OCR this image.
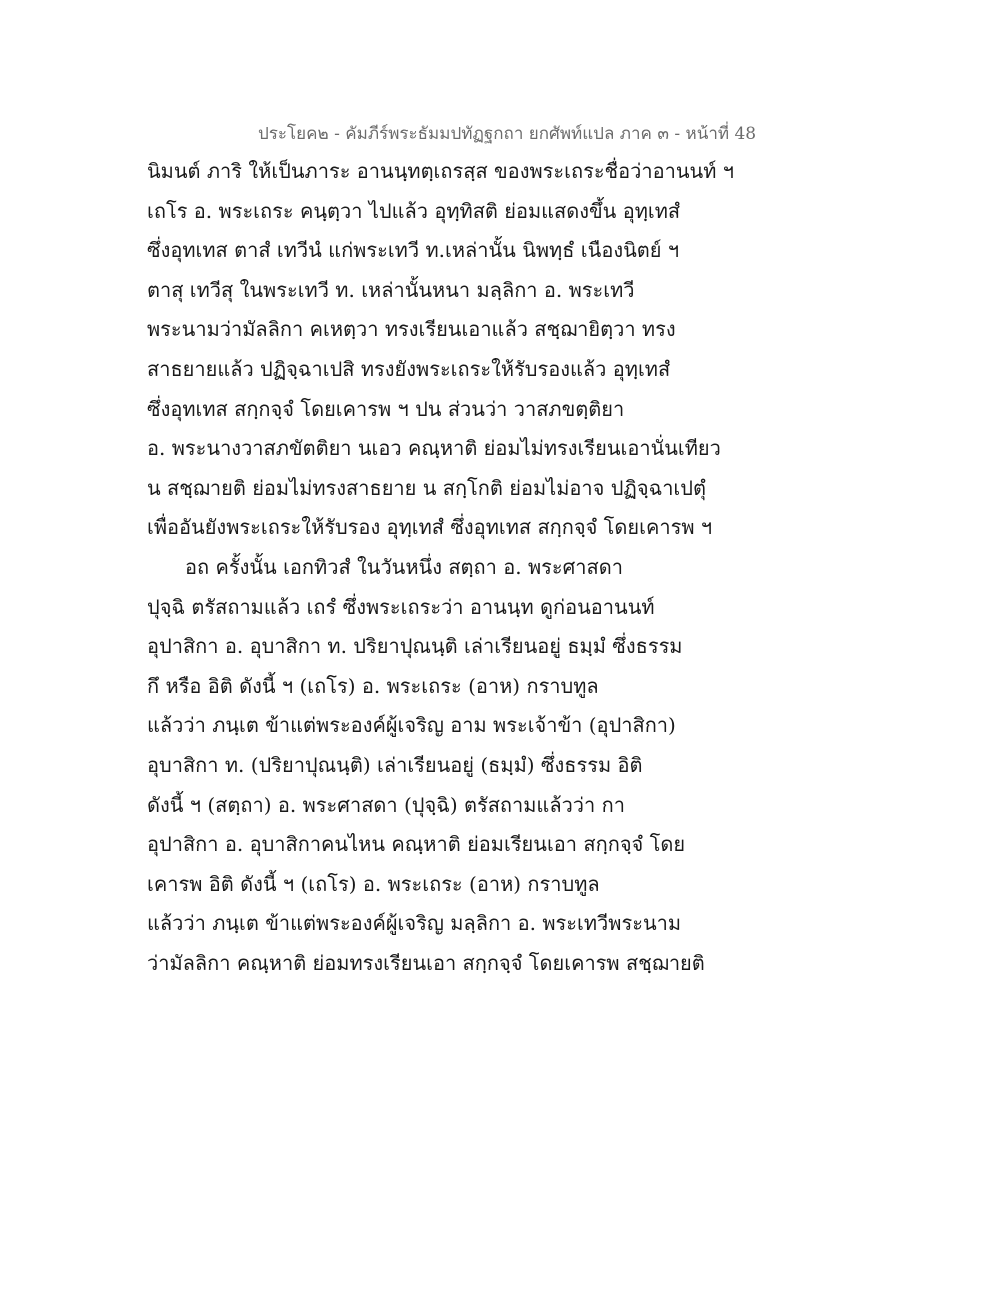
ประโยค๒ - คัมภีร์พระธัมมปทัฏฐกถา ยกศัพท์แปล ภาค ๓ - หน้าที่ 48
นิมนต์ ภาริ ให้เป็นภาระ อานนฺทตฺเถรสฺส ของพระเถระชื่อว่าอานนท์ ฯ
เถโร อ. พระเถระ คนฺตฺวา ไปแล้ว อุทฺทิสติ ย่อมแสดงขึ้น อุทฺเทสํ
ซึ่งอุทเทส ตาสํ เทวีนํ แก่พระเทวี ท.เหล่านั้น นิพทฺธํ เนืองนิตย์ ฯ
ตาสุ เทวีสุ ในพระเทวี ท. เหล่านั้นหนา มลฺลิกา อ. พระเทวี
พระนามว่ามัลลิกา คเหตฺวา ทรงเรียนเอาแล้ว สชฺฌายิตฺวา ทรง
สาธยายแล้ว ปฏิจฺฉาเปสิ ทรงยังพระเถระให้รับรองแล้ว อุทฺเทสํ
ซึ่งอุทเทส สกฺกจฺจํ โดยเคารพ ฯ ปน ส่วนว่า วาสภขตฺติยา
อ. พระนางวาสภขัตติยา นเอว คณฺหาติ ย่อมไม่ทรงเรียนเอานั่นเทียว
น สชฺฌายติ ย่อมไม่ทรงสาธยาย น สกฺโกติ ย่อมไม่อาจ ปฏิจฺฉาเปตุํ
เพื่ออันยังพระเถระให้รับรอง อุทฺเทสํ ซึ่งอุทเทส สกฺกจฺจํ โดยเคารพ ฯ
อถ ครั้งนั้น เอกทิวสํ ในวันหนึ่ง สตฺถา อ. พระศาสดา
ปุจฺฉิ ตรัสถามแล้ว เถรํ ซึ่งพระเถระว่า อานนฺท ดูก่อนอานนท์
อุปาสิกา อ. อุบาสิกา ท. ปริยาปุณนฺติ เล่าเรียนอยู่ ธมฺมํ ซึ่งธรรม
กึ หรือ อิติ ดังนี้ ฯ (เถโร) อ. พระเถระ (อาห) กราบทูล
แล้วว่า ภนฺเต ข้าแต่พระองค์ผู้เจริญ อาม พระเจ้าข้า (อุปาสิกา)
อุบาสิกา ท. (ปริยาปุณนฺติ) เล่าเรียนอยู่ (ธมฺมํ) ซึ่งธรรม อิติ
ดังนี้ ฯ (สตฺถา) อ. พระศาสดา (ปุจฺฉิ) ตรัสถามแล้วว่า กา
อุปาสิกา อ. อุบาสิกาคนไหน คณฺหาติ ย่อมเรียนเอา สกฺกจฺจํ โดย
เคารพ อิติ ดังนี้ ฯ (เถโร) อ. พระเถระ (อาห) กราบทูล
แล้วว่า ภนฺเต ข้าแต่พระองค์ผู้เจริญ มลฺลิกา อ. พระเทวีพระนาม
ว่ามัลลิกา คณฺหาติ ย่อมทรงเรียนเอา สกฺกจฺจํ โดยเคารพ สชฺฌายติ
